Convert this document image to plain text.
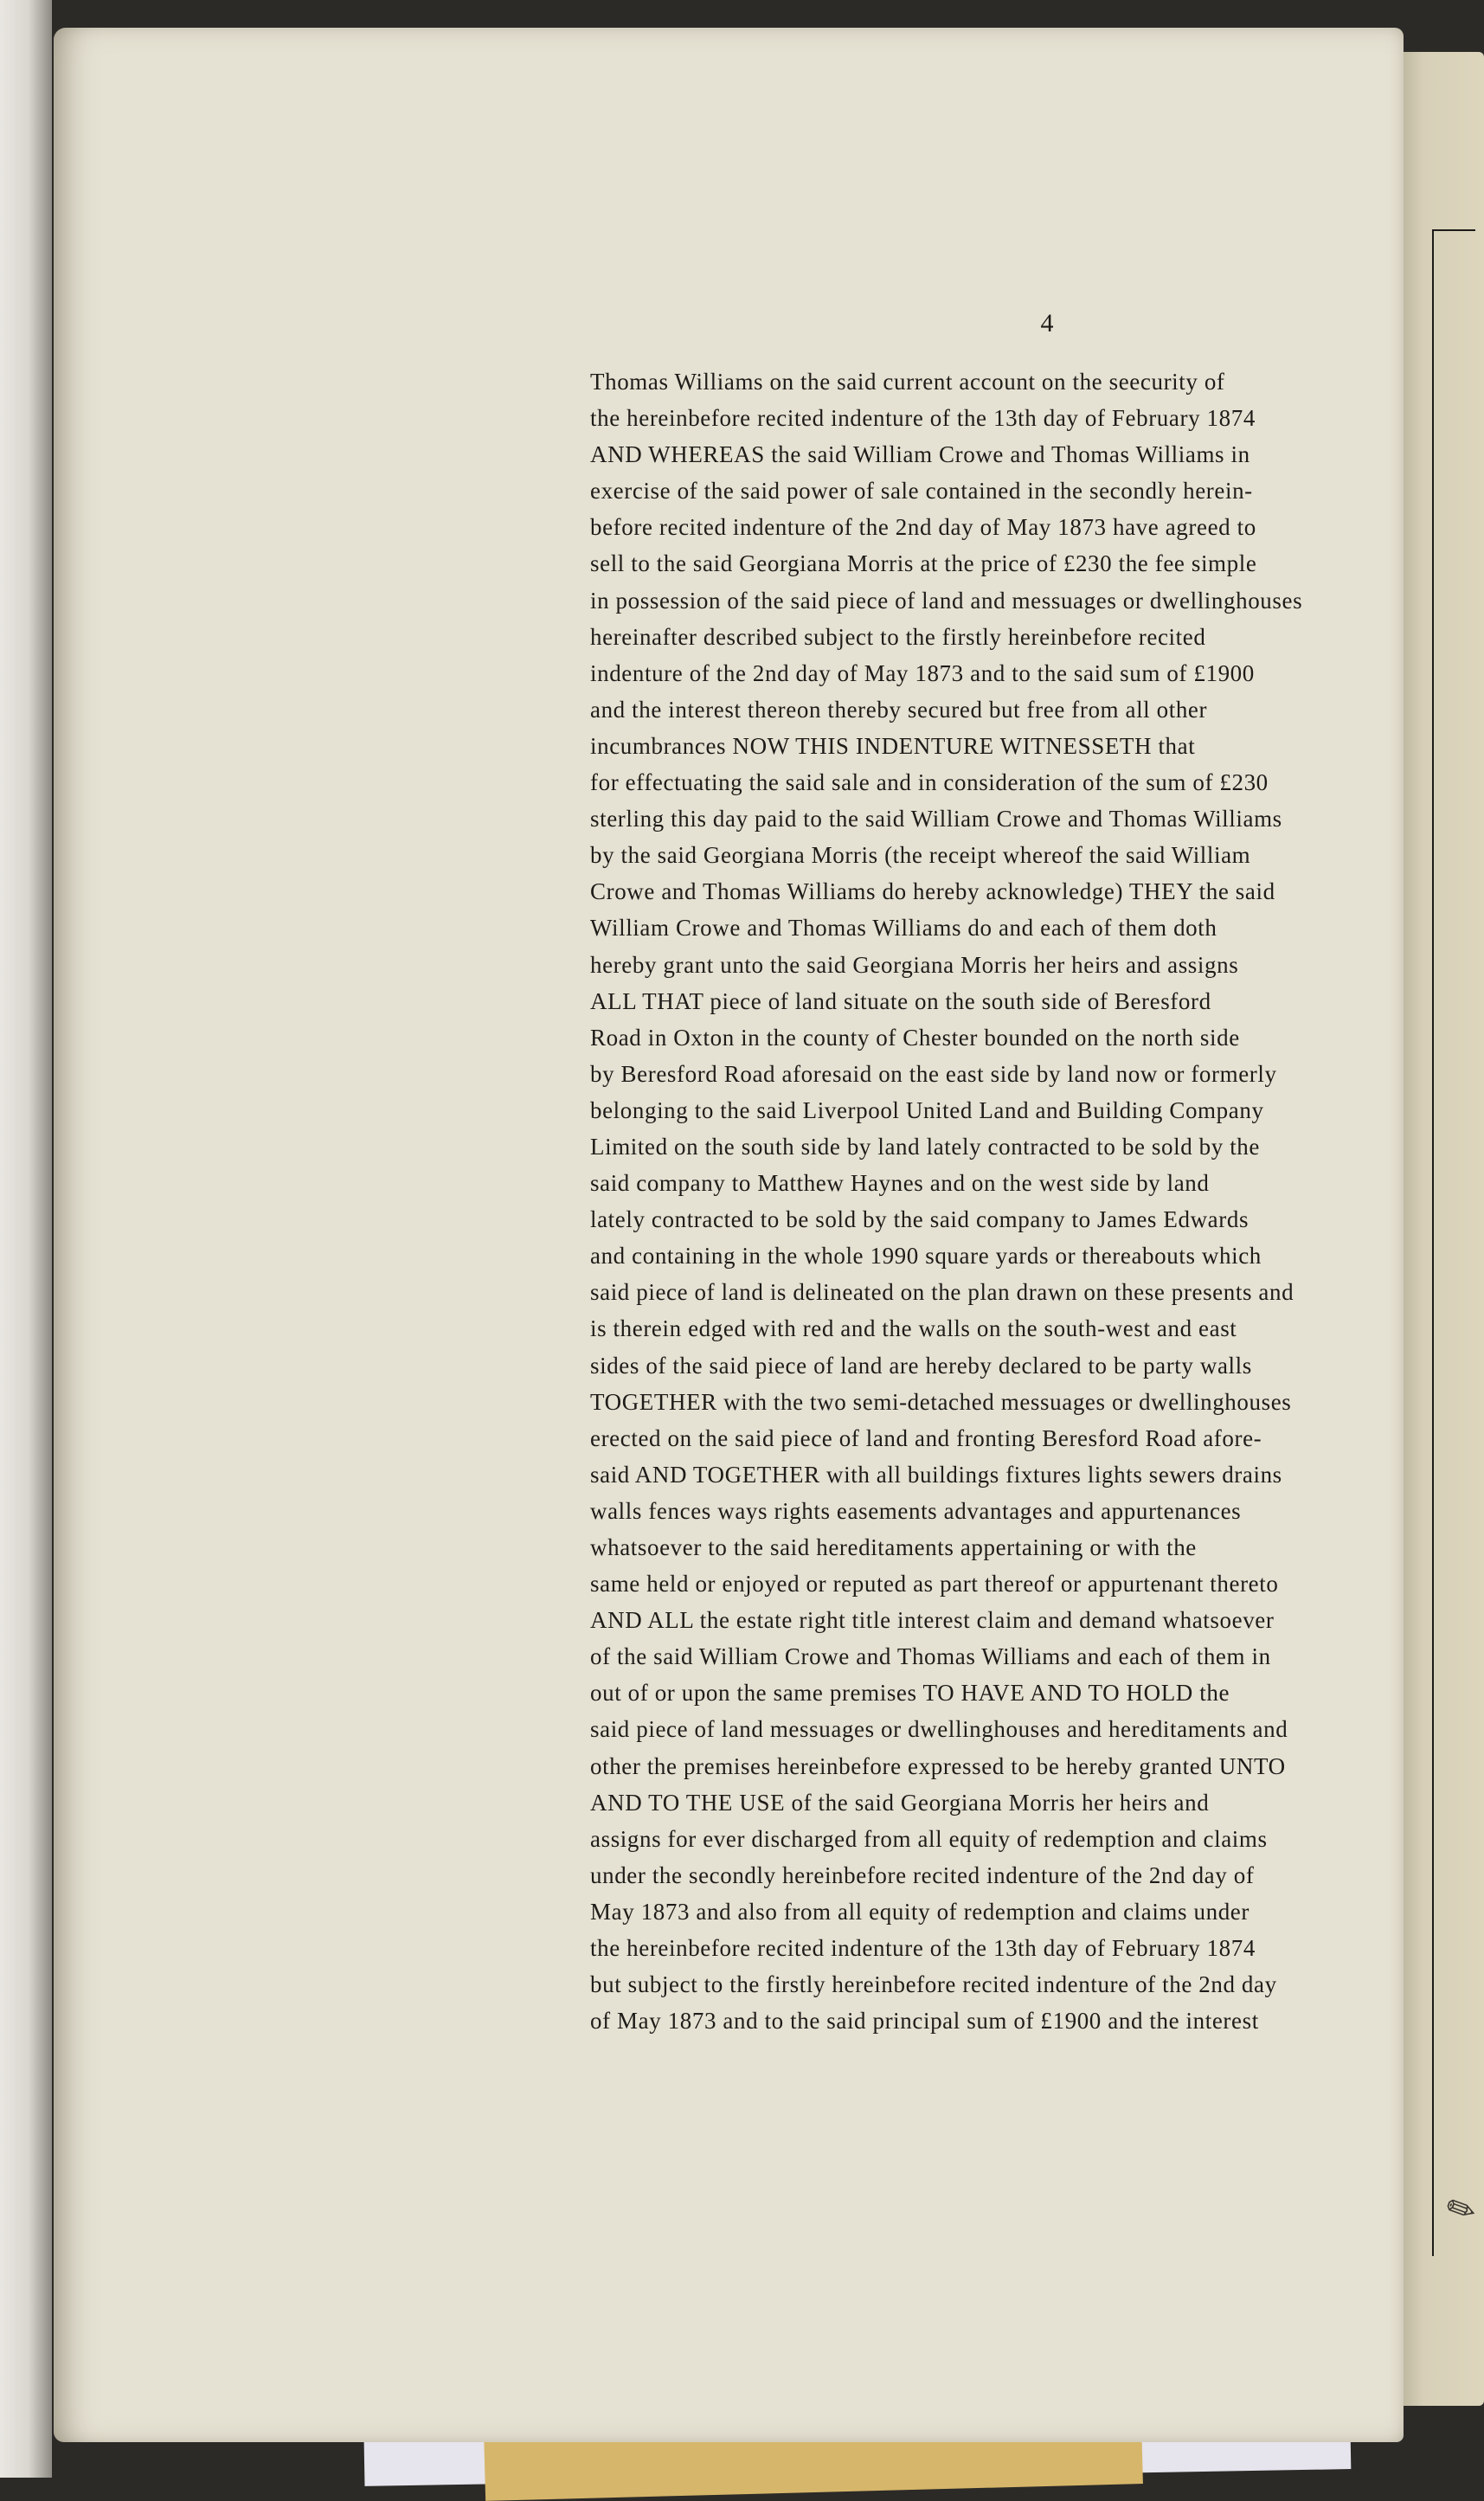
✎
4
Thomas Williams on the said current account on the seecurity of
the hereinbefore recited indenture of the 13th day of February 1874
AND WHEREAS the said William Crowe and Thomas Williams in
exercise of the said power of sale contained in the secondly herein-
before recited indenture of the 2nd day of May 1873 have agreed to
sell to the said Georgiana Morris at the price of £230 the fee simple
in possession of the said piece of land and messuages or dwellinghouses
hereinafter described subject to the firstly hereinbefore recited
indenture of the 2nd day of May 1873 and to the said sum of £1900
and the interest thereon thereby secured but free from all other
incumbrances NOW THIS INDENTURE WITNESSETH that
for effectuating the said sale and in consideration of the sum of £230
sterling this day paid to the said William Crowe and Thomas Williams
by the said Georgiana Morris (the receipt whereof the said William
Crowe and Thomas Williams do hereby acknowledge) THEY the said
William Crowe and Thomas Williams do and each of them doth
hereby grant unto the said Georgiana Morris her heirs and assigns
ALL THAT piece of land situate on the south side of Beresford
Road in Oxton in the county of Chester bounded on the north side
by Beresford Road aforesaid on the east side by land now or formerly
belonging to the said Liverpool United Land and Building Company
Limited on the south side by land lately contracted to be sold by the
said company to Matthew Haynes and on the west side by land
lately contracted to be sold by the said company to James Edwards
and containing in the whole 1990 square yards or thereabouts which
said piece of land is delineated on the plan drawn on these presents and
is therein edged with red and the walls on the south-west and east
sides of the said piece of land are hereby declared to be party walls
TOGETHER with the two semi-detached messuages or dwellinghouses
erected on the said piece of land and fronting Beresford Road afore-
said AND TOGETHER with all buildings fixtures lights sewers drains
walls fences ways rights easements advantages and appurtenances
whatsoever to the said hereditaments appertaining or with the
same held or enjoyed or reputed as part thereof or appurtenant thereto
AND ALL the estate right title interest claim and demand whatsoever
of the said William Crowe and Thomas Williams and each of them in
out of or upon the same premises TO HAVE AND TO HOLD the
said piece of land messuages or dwellinghouses and hereditaments and
other the premises hereinbefore expressed to be hereby granted UNTO
AND TO THE USE of the said Georgiana Morris her heirs and
assigns for ever discharged from all equity of redemption and claims
under the secondly hereinbefore recited indenture of the 2nd day of
May 1873 and also from all equity of redemption and claims under
the hereinbefore recited indenture of the 13th day of February 1874
but subject to the firstly hereinbefore recited indenture of the 2nd day
of May 1873 and to the said principal sum of £1900 and the interest
